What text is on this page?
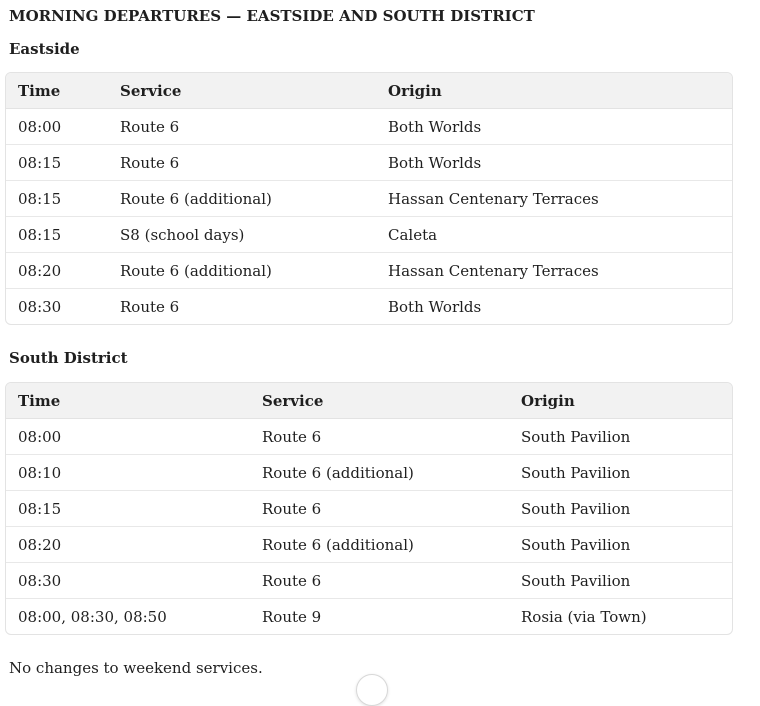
MORNING DEPARTURES — EASTSIDE AND SOUTH DISTRICT
Eastside
Time	Service	Origin
08:00	Route 6	Both Worlds
08:15	Route 6	Both Worlds
08:15	Route 6 (additional)	Hassan Centenary Terraces
08:15	S8 (school days)	Caleta
08:20	Route 6 (additional)	Hassan Centenary Terraces
08:30	Route 6	Both Worlds
South District
Time	Service	Origin
08:00	Route 6	South Pavilion
08:10	Route 6 (additional)	South Pavilion
08:15	Route 6	South Pavilion
08:20	Route 6 (additional)	South Pavilion
08:30	Route 6	South Pavilion
08:00, 08:30, 08:50	Route 9	Rosia (via Town)

No changes to weekend services.
